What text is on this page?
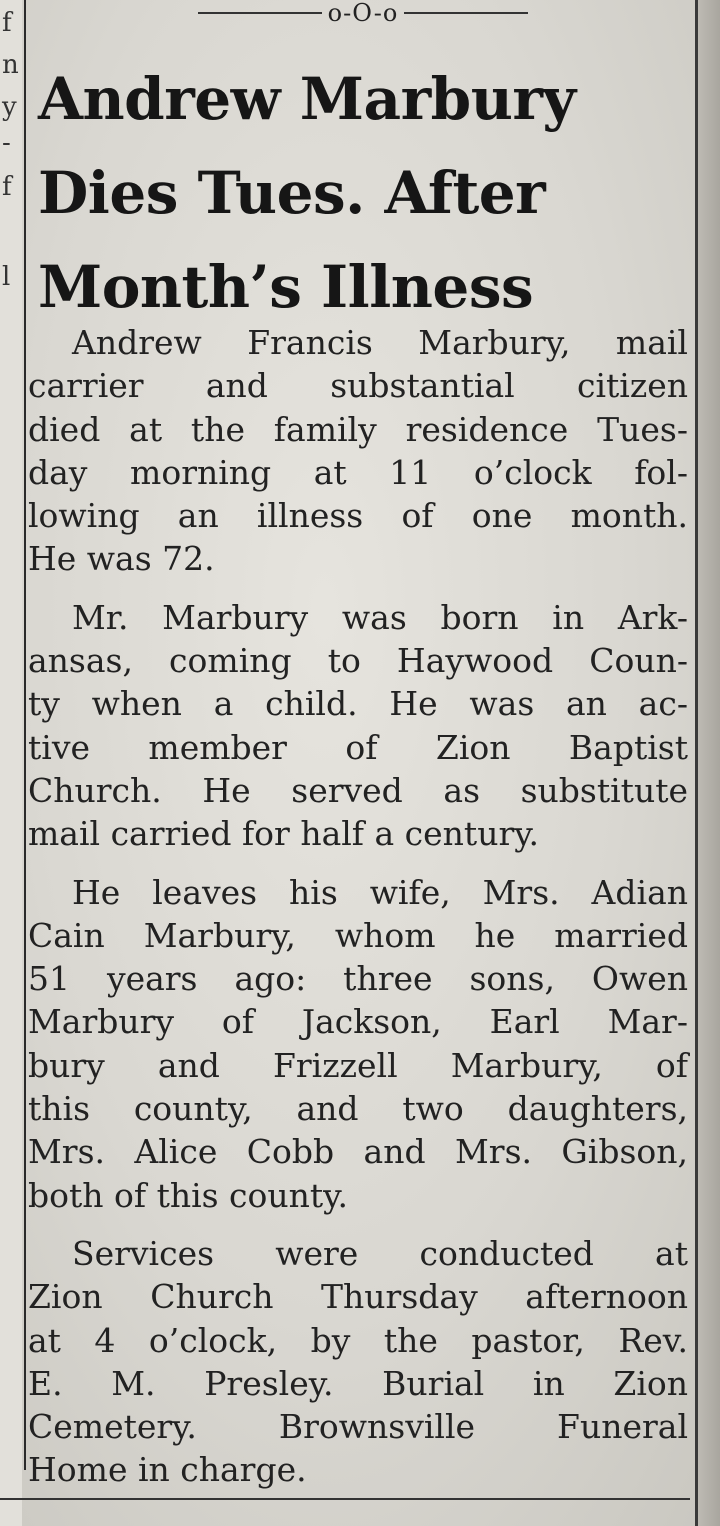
f
n
y
-
f
l
o-O-o
Andrew Marbury
Dies Tues. After
Month’s Illness

Andrew Francis Marbury, mail
carrier and substantial citizen
died at the family residence Tues-
day morning at 11 o’clock fol-
lowing an illness of one month.
He was 72.

Mr. Marbury was born in Ark-
ansas, coming to Haywood Coun-
ty when a child. He was an ac-
tive member of Zion Baptist
Church. He served as substitute
mail carried for half a century.

He leaves his wife, Mrs. Adian
Cain Marbury, whom he married
51 years ago: three sons, Owen
Marbury of Jackson, Earl Mar-
bury and Frizzell Marbury, of
this county, and two daughters,
Mrs. Alice Cobb and Mrs. Gibson,
both of this county.

Services were conducted at
Zion Church Thursday afternoon
at 4 o’clock, by the pastor, Rev.
E. M. Presley. Burial in Zion
Cemetery. Brownsville Funeral
Home in charge.
